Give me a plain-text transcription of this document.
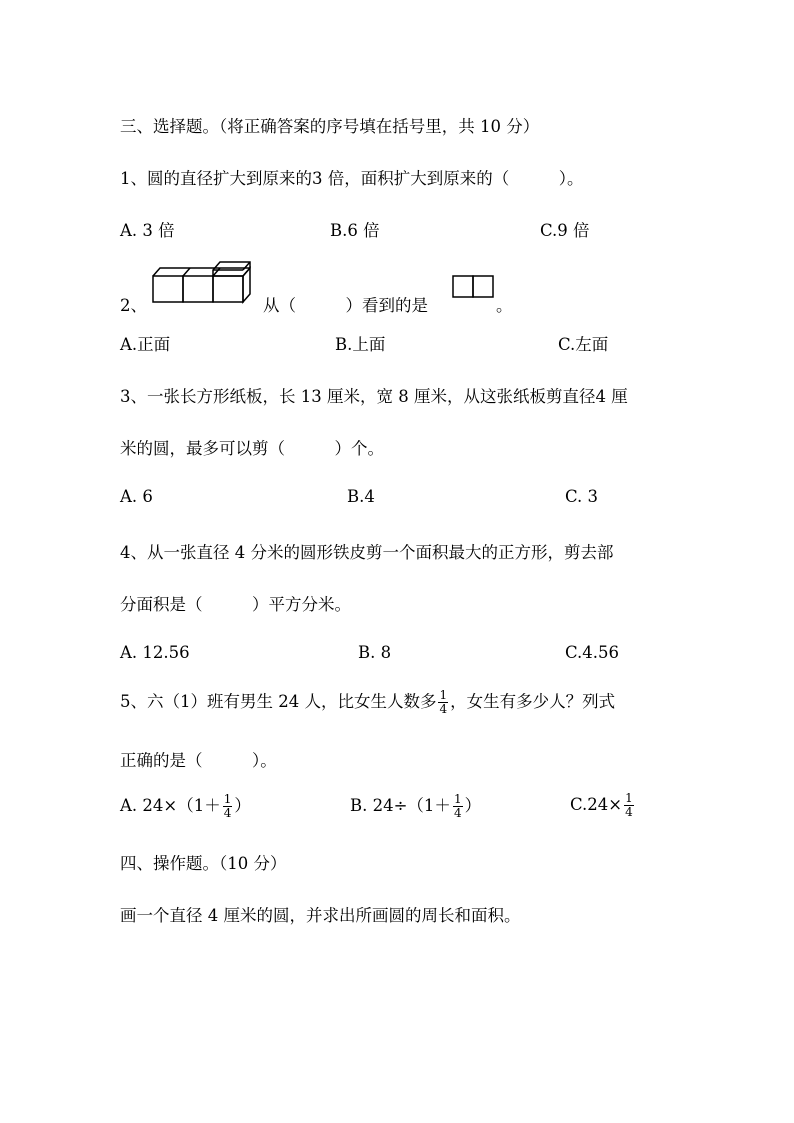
三、选择题。（将正确答案的序号填在括号里，共 10 分）
1、圆的直径扩大到原来的3 倍，面积扩大到原来的（　　　）。
A. 3 倍	B.6 倍	C.9 倍
2、	从（　　　）看到的是	。
A.正面	B.上面	C.左面
3、一张长方形纸板，长 13 厘米，宽 8 厘米，从这张纸板剪直径4 厘
米的圆，最多可以剪（　　　）个。
A. 6	B.4	C. 3
4、从一张直径 4 分米的圆形铁皮剪一个面积最大的正方形，剪去部
分面积是（　　　）平方分米。
A. 12.56	B. 8	C.4.56
5、六（1）班有男生 24 人，比女生人数多 $\frac{1}{4}$ ，女生有多少人？列式
正确的是（　　　）。
A. $24\times(1+ \frac{1}{4}$ ）	B. $24\div(1+ \frac{1}{4}$ ）	$C.24\times \frac{1}{4}$
四、操作题。（10 分）
画一个直径 4 厘米的圆，并求出所画圆的周长和面积。
